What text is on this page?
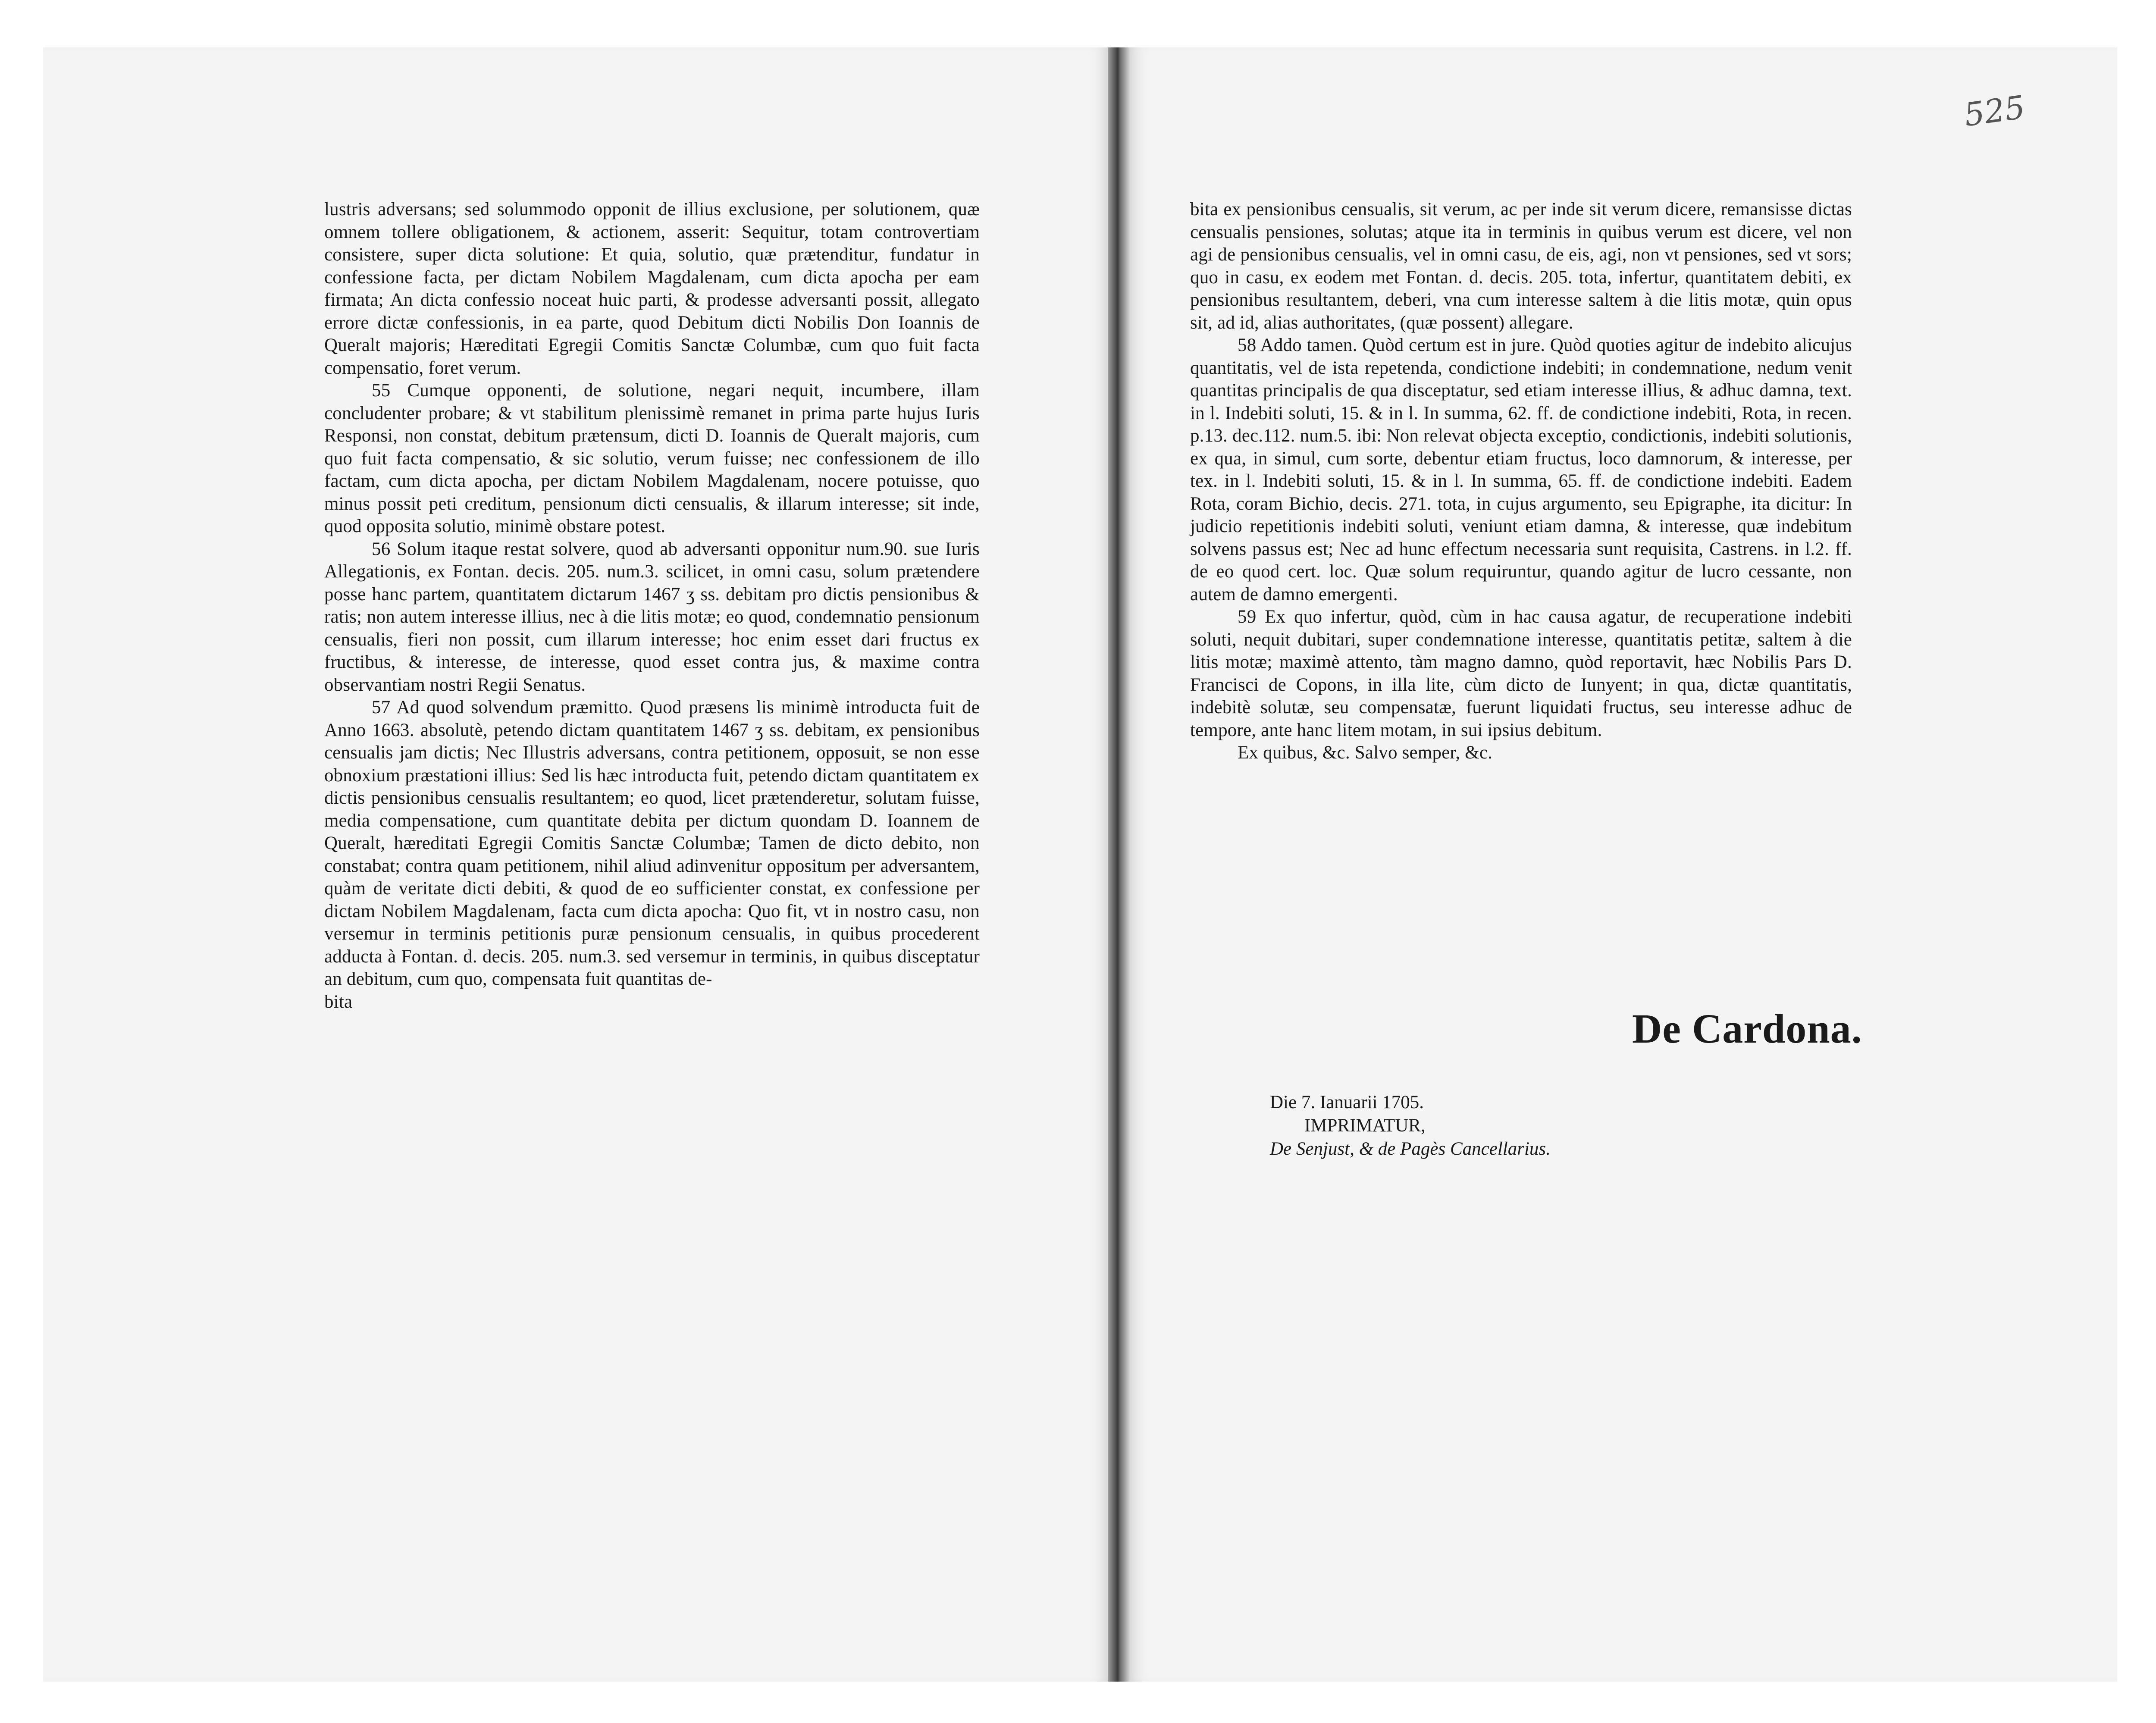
525

lustris adversans; sed solummodo opponit de illius exclusione, per solutionem, quæ omnem tollere obligationem, & actionem, asserit: Sequitur, totam controvertiam consistere, super dicta solutione: Et quia, solutio, quæ prætenditur, fundatur in confessione facta, per dictam Nobilem Magdalenam, cum dicta apocha per eam firmata; An dicta confessio noceat huic parti, & prodesse adversanti possit, allegato errore dictæ confessionis, in ea parte, quod Debitum dicti Nobilis Don Ioannis de Queralt majoris; Hæreditati Egregii Comitis Sanctæ Columbæ, cum quo fuit facta compensatio, foret verum.

55 Cumque opponenti, de solutione, negari nequit, incumbere, illam concludenter probare; & vt stabilitum plenissimè remanet in prima parte hujus Iuris Responsi, non constat, debitum prætensum, dicti D. Ioannis de Queralt majoris, cum quo fuit facta compensatio, & sic solutio, verum fuisse; nec confessionem de illo factam, cum dicta apocha, per dictam Nobilem Magdalenam, nocere potuisse, quo minus possit peti creditum, pensionum dicti censualis, & illarum interesse; sit inde, quod opposita solutio, minimè obstare potest.

56 Solum itaque restat solvere, quod ab adversanti opponitur num.90. sue Iuris Allegationis, ex Fontan. decis. 205. num.3. scilicet, in omni casu, solum prætendere posse hanc partem, quantitatem dictarum 1467 ʒ ss. debitam pro dictis pensionibus & ratis; non autem interesse illius, nec à die litis motæ; eo quod, condemnatio pensionum censualis, fieri non possit, cum illarum interesse; hoc enim esset dari fructus ex fructibus, & interesse, de interesse, quod esset contra jus, & maxime contra observantiam nostri Regii Senatus.

57 Ad quod solvendum præmitto. Quod præsens lis minimè introducta fuit de Anno 1663. absolutè, petendo dictam quantitatem 1467 ʒ ss. debitam, ex pensionibus censualis jam dictis; Nec Illustris adversans, contra petitionem, opposuit, se non esse obnoxium præstationi illius: Sed lis hæc introducta fuit, petendo dictam quantitatem ex dictis pensionibus censualis resultantem; eo quod, licet prætenderetur, solutam fuisse, media compensatione, cum quantitate debita per dictum quondam D. Ioannem de Queralt, hæreditati Egregii Comitis Sanctæ Columbæ; Tamen de dicto debito, non constabat; contra quam petitionem, nihil aliud adinvenitur oppositum per adversantem, quàm de veritate dicti debiti, & quod de eo sufficienter constat, ex confessione per dictam Nobilem Magdalenam, facta cum dicta apocha: Quo fit, vt in nostro casu, non versemur in terminis petitionis puræ pensionum censualis, in quibus procederent adducta à Fontan. d. decis. 205. num.3. sed versemur in terminis, in quibus disceptatur an debitum, cum quo, compensata fuit quantitas de-

bita

bita ex pensionibus censualis, sit verum, ac per inde sit verum dicere, remansisse dictas censualis pensiones, solutas; atque ita in terminis in quibus verum est dicere, vel non agi de pensionibus censualis, vel in omni casu, de eis, agi, non vt pensiones, sed vt sors; quo in casu, ex eodem met Fontan. d. decis. 205. tota, infertur, quantitatem debiti, ex pensionibus resultantem, deberi, vna cum interesse saltem à die litis motæ, quin opus sit, ad id, alias authoritates, (quæ possent) allegare.

58 Addo tamen. Quòd certum est in jure. Quòd quoties agitur de indebito alicujus quantitatis, vel de ista repetenda, condictione indebiti; in condemnatione, nedum venit quantitas principalis de qua disceptatur, sed etiam interesse illius, & adhuc damna, text. in l. Indebiti soluti, 15. & in l. In summa, 62. ff. de condictione indebiti, Rota, in recen. p.13. dec.112. num.5. ibi: Non relevat objecta exceptio, condictionis, indebiti solutionis, ex qua, in simul, cum sorte, debentur etiam fructus, loco damnorum, & interesse, per tex. in l. Indebiti soluti, 15. & in l. In summa, 65. ff. de condictione indebiti. Eadem Rota, coram Bichio, decis. 271. tota, in cujus argumento, seu Epigraphe, ita dicitur: In judicio repetitionis indebiti soluti, veniunt etiam damna, & interesse, quæ indebitum solvens passus est; Nec ad hunc effectum necessaria sunt requisita, Castrens. in l.2. ff. de eo quod cert. loc. Quæ solum requiruntur, quando agitur de lucro cessante, non autem de damno emergenti.

59 Ex quo infertur, quòd, cùm in hac causa agatur, de recuperatione indebiti soluti, nequit dubitari, super condemnatione interesse, quantitatis petitæ, saltem à die litis motæ; maximè attento, tàm magno damno, quòd reportavit, hæc Nobilis Pars D. Francisci de Copons, in illa lite, cùm dicto de Iunyent; in qua, dictæ quantitatis, indebitè solutæ, seu compensatæ, fuerunt liquidati fructus, seu interesse adhuc de tempore, ante hanc litem motam, in sui ipsius debitum.

Ex quibus, &c. Salvo semper, &c.

De Cardona.
Die 7. Ianuarii 1705.
IMPRIMATUR,
De Senjust, & de Pagès Cancellarius.
